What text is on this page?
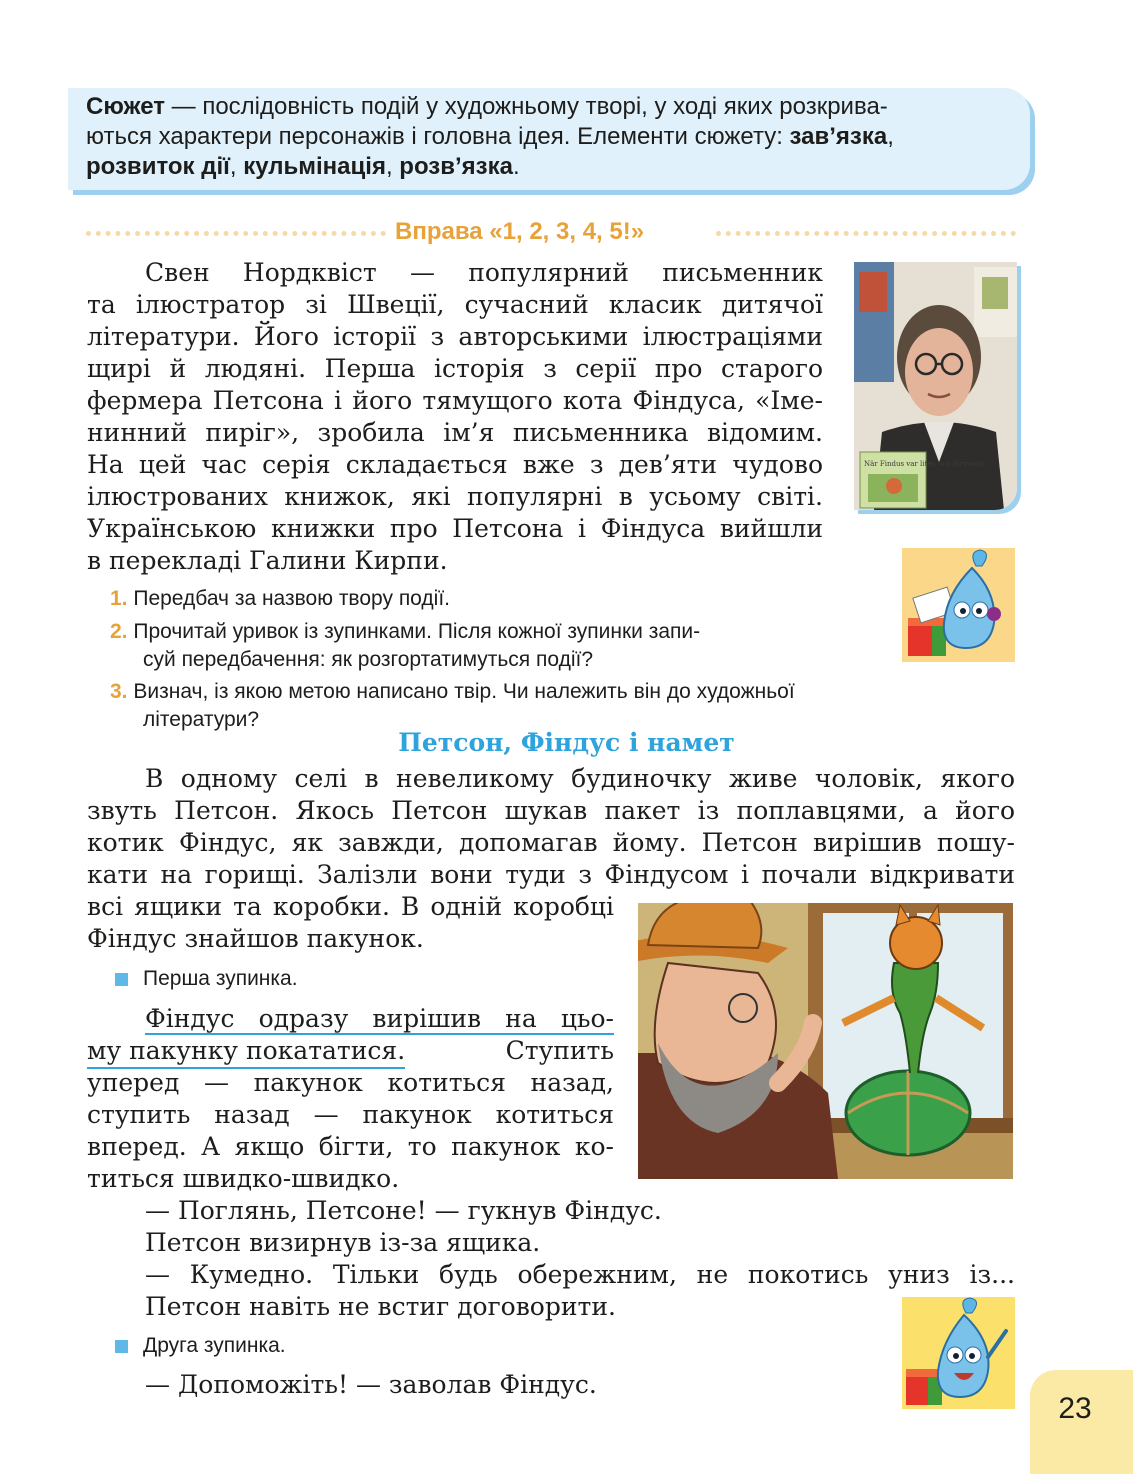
Сюжет — послідовність подій у художньому творі, у ході яких розкрива-
ються характери персонажів і головна ідея. Елементи сюжету: зав’язка,
розвиток дії, кульмінація, розв’язка.
Вправа «1, 2, 3, 4, 5!»
Свен Нордквіст — популярний письменник
та ілюстратор зі Швеції, сучасний класик дитячої
літератури. Його історії з авторськими ілюстраціями
щирі й людяні. Перша історія з серії про старого
фермера Петсона і його тямущого кота Фіндуса, «Іме-
нинний пиріг», зробила ім’я письменника відомим.
На цей час серія складається вже з дев’яти чудово
ілюстрованих книжок, які популярні в усьому світі.
Українською книжки про Петсона і Фіндуса вийшли
в перекладі Галини Кирпи.
När Findus var liten och försvann
1. Передбач за назвою твору події.
2. Прочитай уривок із зупинками. Після кожної зупинки запи-
суй передбачення: як розгортатимуться події?
3. Визнач, із якою метою написано твір. Чи належить він до художньої
літератури?
Петсон, Фіндус і намет
В одному селі в невеликому будиночку живе чоловік, якого
звуть Петсон. Якось Петсон шукав пакет із поплавцями, а його
котик Фіндус, як завжди, допомагав йому. Петсон вирішив пошу-
кати на горищі. Залізли вони туди з Фіндусом і почали відкривати
всі ящики та коробки. В одній коробці
Фіндус знайшов пакунок.
Перша зупинка.
Фіндус одразу вирішив на цьо-
му пакунку покататися.	Ступить
уперед — пакунок котиться назад,
ступить назад — пакунок котиться
вперед. А якщо бігти, то пакунок ко-
титься швидко-швидко.
— Поглянь, Петсоне! — гукнув Фіндус.
Петсон визирнув із-за ящика.
— Кумедно. Тільки будь обережним, не покотись униз із...
Петсон навіть не встиг договорити.
Друга зупинка.
— Допоможіть! — заволав Фіндус.
23
